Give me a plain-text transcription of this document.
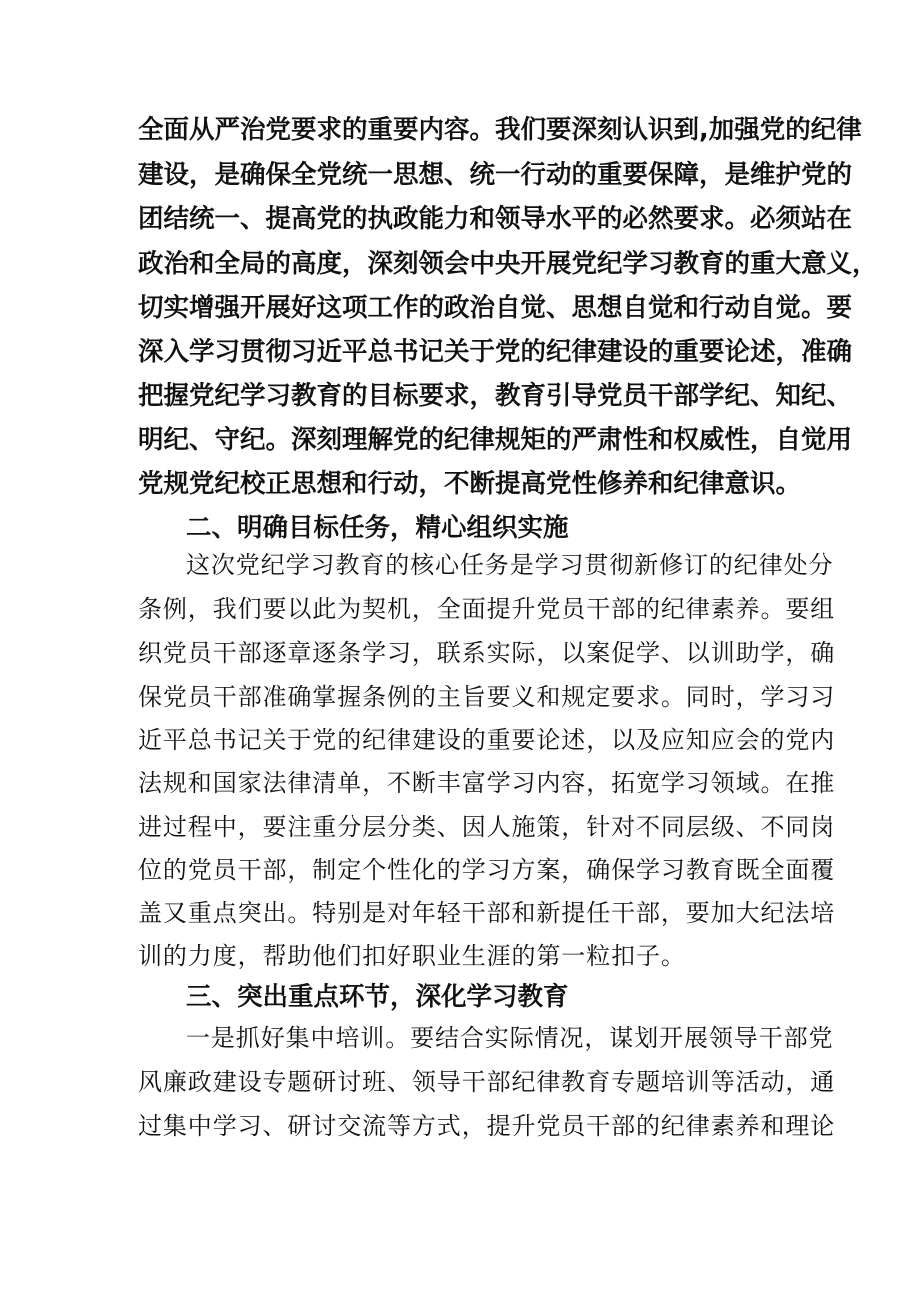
全面从严治党要求的重要内容。我们要深刻认识到,加强党的纪律
建设，是确保全党统一思想、统一行动的重要保障，是维护党的
团结统一、提高党的执政能力和领导水平的必然要求。必须站在
政治和全局的高度，深刻领会中央开展党纪学习教育的重大意义，
切实增强开展好这项工作的政治自觉、思想自觉和行动自觉。要
深入学习贯彻习近平总书记关于党的纪律建设的重要论述，准确
把握党纪学习教育的目标要求，教育引导党员干部学纪、知纪、
明纪、守纪。深刻理解党的纪律规矩的严肃性和权威性，自觉用
党规党纪校正思想和行动，不断提高党性修养和纪律意识。
二、明确目标任务，精心组织实施
这次党纪学习教育的核心任务是学习贯彻新修订的纪律处分
条例，我们要以此为契机，全面提升党员干部的纪律素养。要组
织党员干部逐章逐条学习，联系实际，以案促学、以训助学，确
保党员干部准确掌握条例的主旨要义和规定要求。同时，学习习
近平总书记关于党的纪律建设的重要论述，以及应知应会的党内
法规和国家法律清单，不断丰富学习内容，拓宽学习领域。在推
进过程中，要注重分层分类、因人施策，针对不同层级、不同岗
位的党员干部，制定个性化的学习方案，确保学习教育既全面覆
盖又重点突出。特别是对年轻干部和新提任干部，要加大纪法培
训的力度，帮助他们扣好职业生涯的第一粒扣子。
三、突出重点环节，深化学习教育
一是抓好集中培训。要结合实际情况，谋划开展领导干部党
风廉政建设专题研讨班、领导干部纪律教育专题培训等活动，通
过集中学习、研讨交流等方式，提升党员干部的纪律素养和理论
